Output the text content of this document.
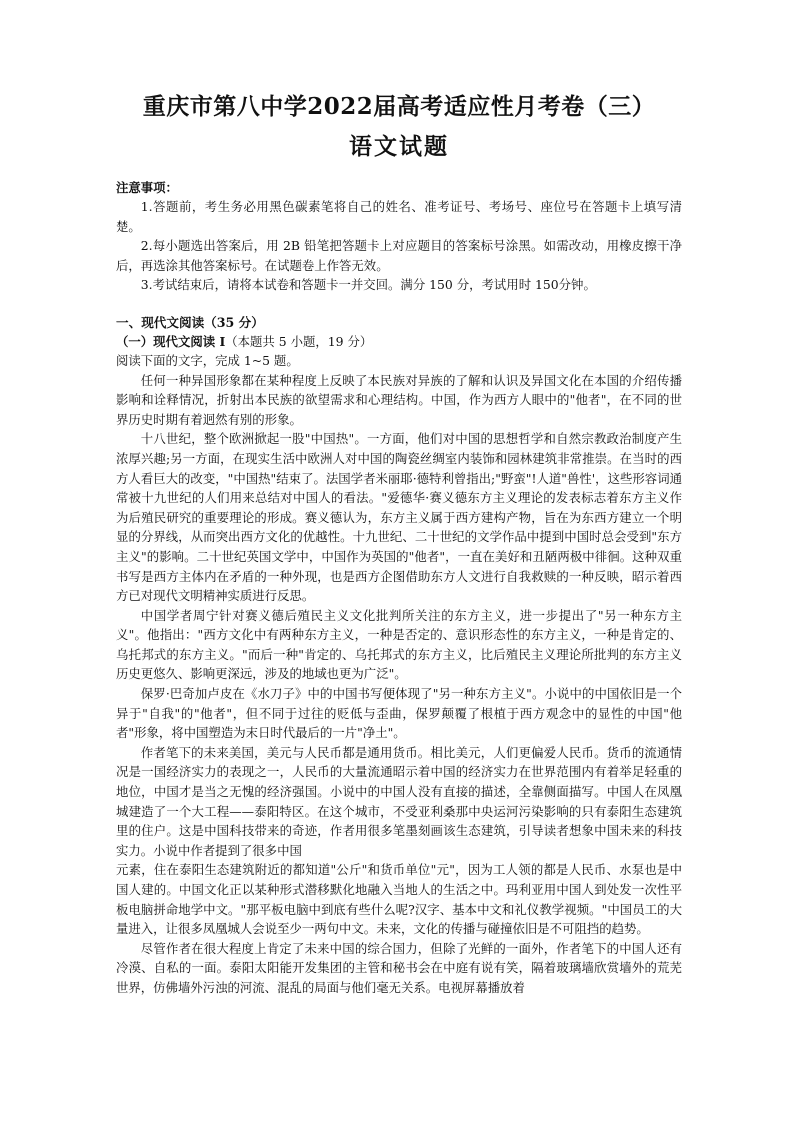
重庆市第八中学2022届高考适应性月考卷（三）
语文试题
注意事项：

1.答题前，考生务必用黑色碳素笔将自己的姓名、准考证号、考场号、座位号在答题卡上填写清楚。

2.每小题选出答案后，用 2B 铅笔把答题卡上对应题目的答案标号涂黑。如需改动，用橡皮擦干净后，再选涂其他答案标号。在试题卷上作答无效。

3.考试结束后，请将本试卷和答题卡一并交回。满分 150 分，考试用时 150分钟。

一、现代文阅读（35 分）
（一）现代文阅读 I（本题共 5 小题，19 分）

阅读下面的文字，完成 1~5 题。

任何一种异国形象都在某种程度上反映了本民族对异族的了解和认识及异国文化在本国的介绍传播影响和诠释情况，折射出本民族的欲望需求和心理结构。中国，作为西方人眼中的"他者"，在不同的世界历史时期有着迥然有别的形象。

十八世纪，整个欧洲掀起一股"中国热"。一方面，他们对中国的思想哲学和自然宗教政治制度产生浓厚兴趣;另一方面，在现实生活中欧洲人对中国的陶瓷丝绸室内装饰和园林建筑非常推崇。在当时的西方人看巨大的改变，"中国热"结束了。法国学者米丽耶·德特利曾指出;"野蛮"!人道"兽性'，这些形容词通常被十九世纪的人们用来总结对中国人的看法。"爱德华·赛义德东方主义理论的发表标志着东方主义作为后殖民研究的重要理论的形成。赛义德认为，东方主义属于西方建构产物，旨在为东西方建立一个明显的分界线，从而突出西方文化的优越性。十九世纪、二十世纪的文学作品中提到中国时总会受到"东方主义"的影响。二十世纪英国文学中，中国作为英国的"他者"，一直在美好和丑陋两极中徘徊。这种双重书写是西方主体内在矛盾的一种外现，也是西方企图借助东方人文进行自我救赎的一种反映，昭示着西方已对现代文明精神实质进行反思。

中国学者周宁针对赛义德后殖民主义文化批判所关注的东方主义，进一步提出了"另一种东方主义"。他指出："西方文化中有两种东方主义，一种是否定的、意识形态性的东方主义，一种是肯定的、乌托邦式的东方主义。"而后一种"肯定的、乌托邦式的东方主义，比后殖民主义理论所批判的东方主义历史更悠久、影响更深远，涉及的地域也更为广泛"。

保罗·巴奇加卢皮在《水刀子》中的中国书写便体现了"另一种东方主义"。小说中的中国依旧是一个异于"自我"的"他者"，但不同于过往的贬低与歪曲，保罗颠覆了根植于西方观念中的显性的中国"他者"形象，将中国塑造为末日时代最后的一片"净土"。

作者笔下的未来美国，美元与人民币都是通用货币。相比美元，人们更偏爱人民币。货币的流通情况是一国经济实力的表现之一，人民币的大量流通昭示着中国的经济实力在世界范围内有着举足轻重的地位，中国才是当之无愧的经济强国。小说中的中国人没有直接的描述，全靠侧面描写。中国人在凤凰城建造了一个大工程——泰阳特区。在这个城市，不受亚利桑那中央运河污染影响的只有泰阳生态建筑里的住户。这是中国科技带来的奇迹，作者用很多笔墨刻画该生态建筑，引导读者想象中国未来的科技实力。小说中作者提到了很多中国

元素，住在泰阳生态建筑附近的都知道"公斤"和货币单位"元"，因为工人领的都是人民币、水泵也是中国人建的。中国文化正以某种形式潜移默化地融入当地人的生活之中。玛利亚用中国人到处发一次性平板电脑拼命地学中文。"那平板电脑中到底有些什么呢?汉字、基本中文和礼仪教学视频。"中国员工的大量进入，让很多凤凰城人会说至少一两句中文。未来，文化的传播与碰撞依旧是不可阻挡的趋势。

尽管作者在很大程度上肯定了未来中国的综合国力，但除了光鲜的一面外，作者笔下的中国人还有冷漠、自私的一面。泰阳太阳能开发集团的主管和秘书会在中庭有说有笑，隔着玻璃墙欣赏墙外的荒芜世界，仿佛墙外污浊的河流、混乱的局面与他们毫无关系。电视屏幕播放着
